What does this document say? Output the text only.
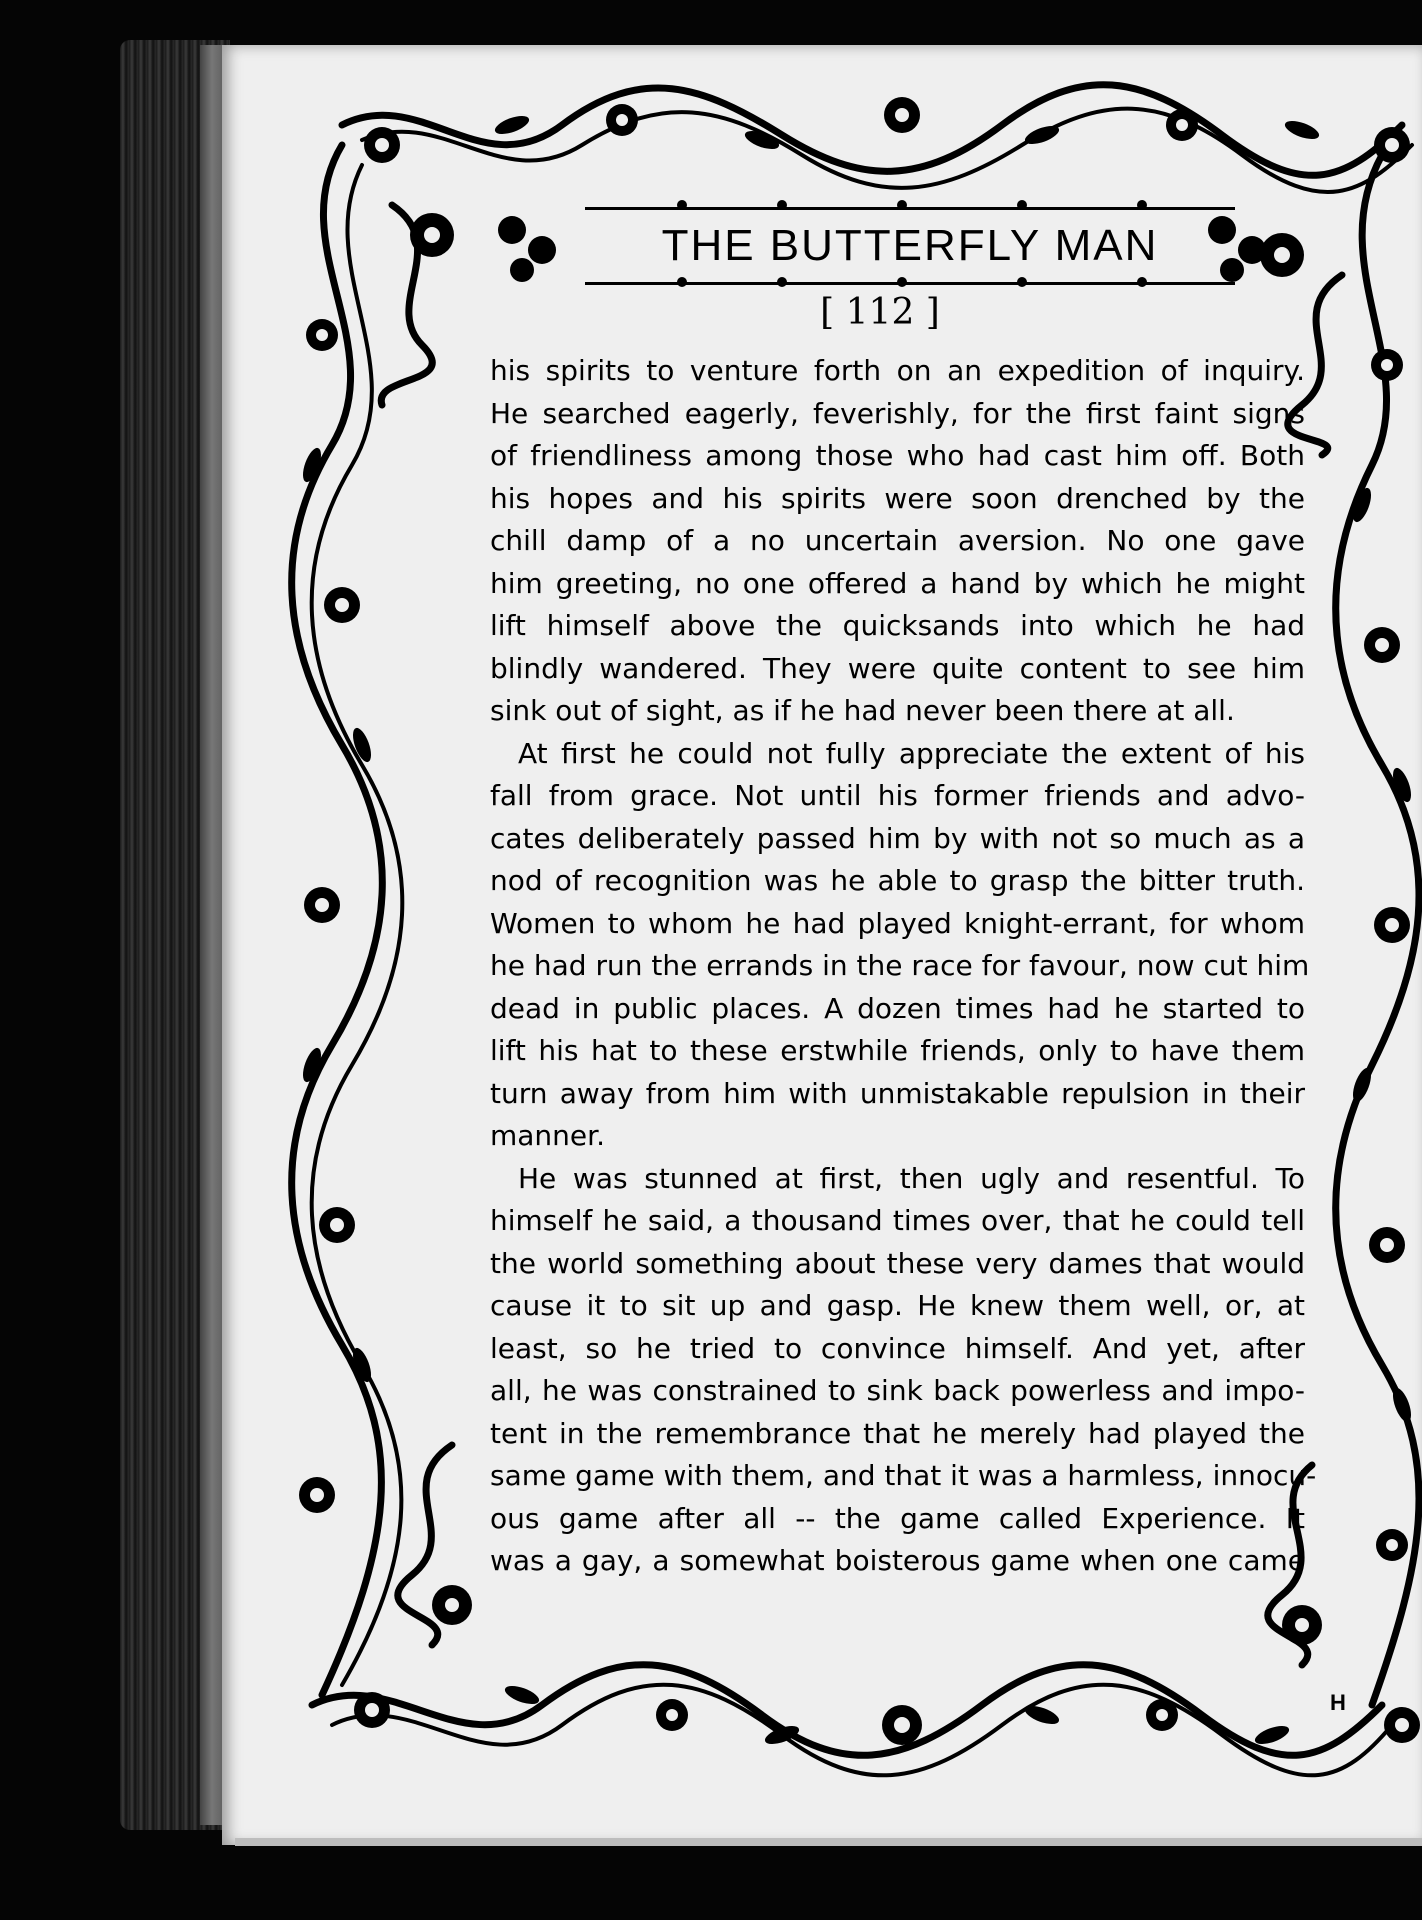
THE BUTTERFLY MAN
[ 112 ]
his spirits to venture forth on an expedition of inquiry.
He searched eagerly, feverishly, for the first faint signs
of friendliness among those who had cast him off. Both
his hopes and his spirits were soon drenched by the
chill damp of a no uncertain aversion. No one gave
him greeting, no one offered a hand by which he might
lift himself above the quicksands into which he had
blindly wandered. They were quite content to see him
sink out of sight, as if he had never been there at all.
At first he could not fully appreciate the extent of his
fall from grace. Not until his former friends and advo-
cates deliberately passed him by with not so much as a
nod of recognition was he able to grasp the bitter truth.
Women to whom he had played knight-errant, for whom
he had run the errands in the race for favour, now cut him
dead in public places. A dozen times had he started to
lift his hat to these erstwhile friends, only to have them
turn away from him with unmistakable repulsion in their
manner.
He was stunned at first, then ugly and resentful. To
himself he said, a thousand times over, that he could tell
the world something about these very dames that would
cause it to sit up and gasp. He knew them well, or, at
least, so he tried to convince himself. And yet, after
all, he was constrained to sink back powerless and impo-
tent in the remembrance that he merely had played the
same game with them, and that it was a harmless, innocu-
ous game after all -- the game called Experience. It
was a gay, a somewhat boisterous game when one came
H
